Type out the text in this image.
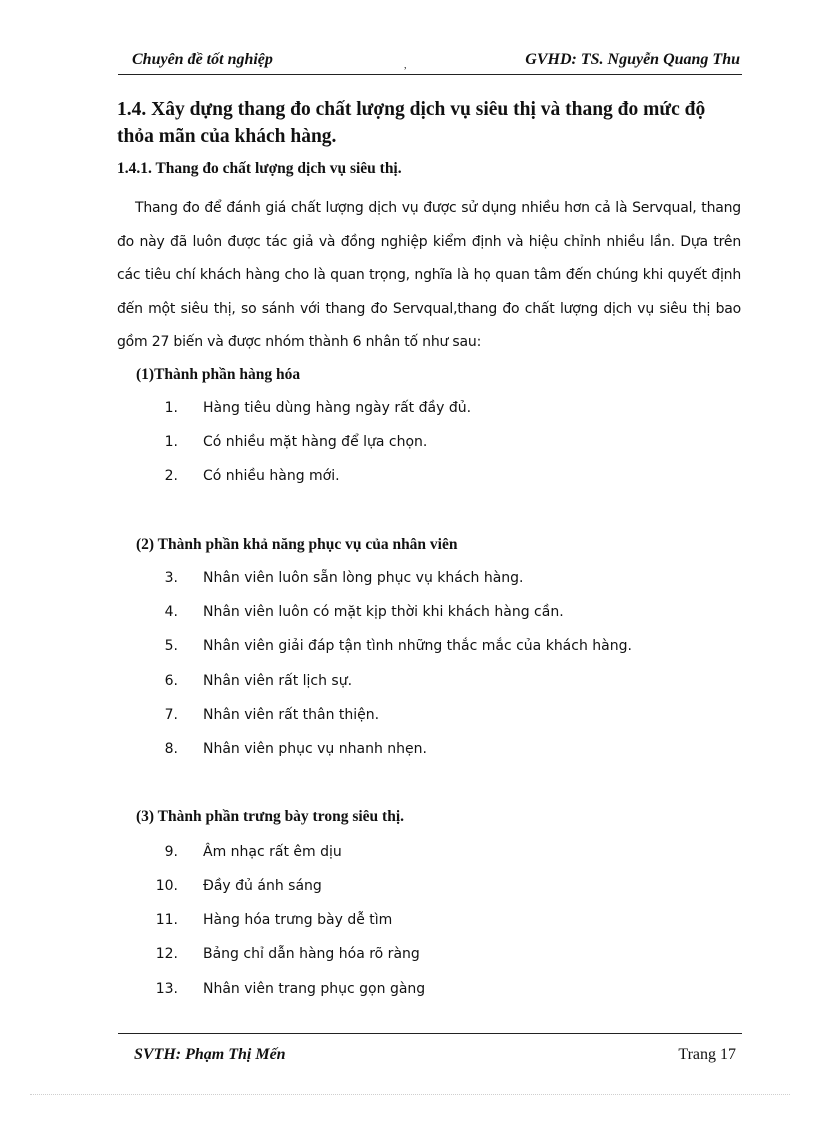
Chuyên đề tốt nghiệp	,	GVHD: TS. Nguyễn Quang Thu
1.4. Xây dựng thang đo chất lượng dịch vụ siêu thị và thang đo mức độ thỏa mãn của khách hàng.
1.4.1. Thang đo chất lượng dịch vụ siêu thị.
Thang đo để đánh giá chất lượng dịch vụ được sử dụng nhiều hơn cả là Servqual, thang đo này đã luôn được tác giả và đồng nghiệp kiểm định và hiệu chỉnh nhiều lần. Dựa trên các tiêu chí khách hàng cho là quan trọng, nghĩa là họ quan tâm đến chúng khi quyết định đến một siêu thị, so sánh với thang đo Servqual,thang đo chất lượng dịch vụ siêu thị bao gồm 27 biến và được nhóm thành 6 nhân tố như sau:
(1)Thành phần hàng hóa
1. Hàng tiêu dùng hàng ngày rất đầy đủ.
1. Có nhiều mặt hàng để lựa chọn.
2. Có nhiều hàng mới.
(2) Thành phần khả năng phục vụ của nhân viên
3. Nhân viên luôn sẵn lòng phục vụ khách hàng.
4. Nhân viên luôn có mặt kịp thời khi khách hàng cần.
5. Nhân viên giải đáp tận tình những thắc mắc của khách hàng.
6. Nhân viên rất lịch sự.
7. Nhân viên rất thân thiện.
8. Nhân viên phục vụ nhanh nhẹn.
(3) Thành phần trưng bày trong siêu thị.
9. Âm nhạc rất êm dịu
10. Đầy đủ ánh sáng
11. Hàng hóa trưng bày dễ tìm
12. Bảng chỉ dẫn hàng hóa rõ ràng
13. Nhân viên trang phục gọn gàng
SVTH: Phạm Thị Mến	Trang 17
